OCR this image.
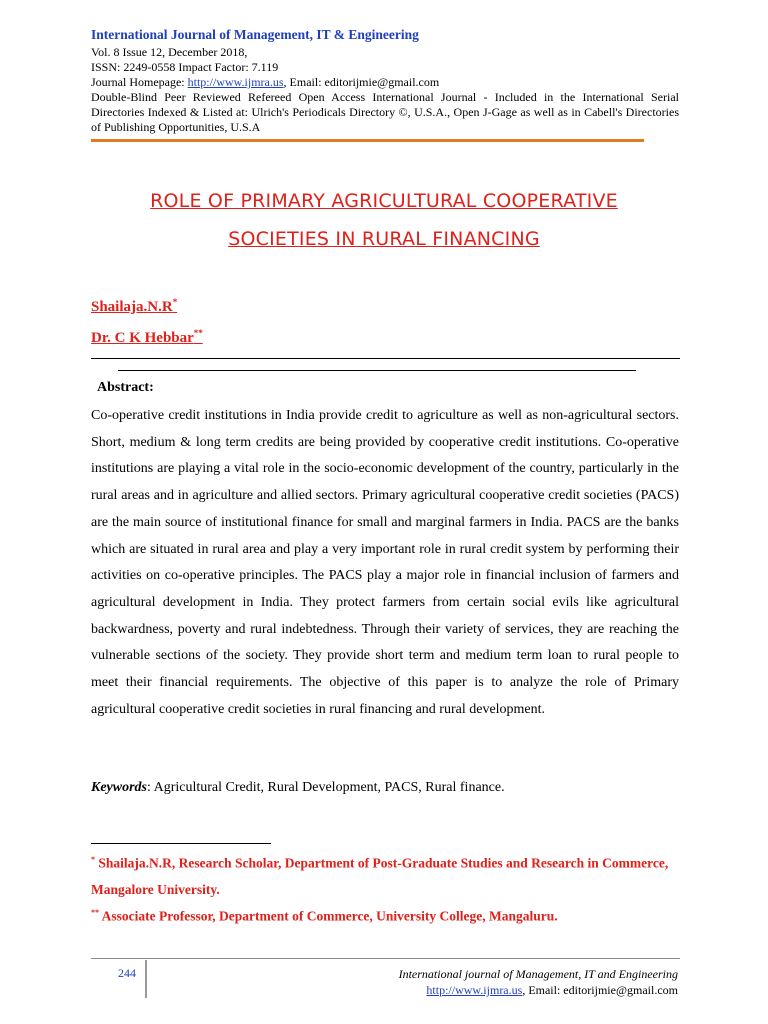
International Journal of Management, IT & Engineering
Vol. 8 Issue 12, December 2018,
ISSN: 2249-0558 Impact Factor: 7.119
Journal Homepage: http://www.ijmra.us, Email: editorijmie@gmail.com
Double-Blind Peer Reviewed Refereed Open Access International Journal - Included in the International Serial Directories Indexed & Listed at: Ulrich's Periodicals Directory ©, U.S.A., Open J-Gage as well as in Cabell's Directories of Publishing Opportunities, U.S.A
ROLE OF PRIMARY AGRICULTURAL COOPERATIVE
SOCIETIES IN RURAL FINANCING
Shailaja.N.R*
Dr. C K Hebbar**
Abstract:
Co-operative credit institutions in India provide credit to agriculture as well as non-agricultural sectors. Short, medium & long term credits are being provided by cooperative credit institutions. Co-operative institutions are playing a vital role in the socio-economic development of the country, particularly in the rural areas and in agriculture and allied sectors. Primary agricultural cooperative credit societies (PACS) are the main source of institutional finance for small and marginal farmers in India. PACS are the banks which are situated in rural area and play a very important role in rural credit system by performing their activities on co-operative principles. The PACS play a major role in financial inclusion of farmers and agricultural development in India. They protect farmers from certain social evils like agricultural backwardness, poverty and rural indebtedness. Through their variety of services, they are reaching the vulnerable sections of the society. They provide short term and medium term loan to rural people to meet their financial requirements. The objective of this paper is to analyze the role of Primary agricultural cooperative credit societies in rural financing and rural development.
Keywords: Agricultural Credit, Rural Development, PACS, Rural finance.
* Shailaja.N.R, Research Scholar, Department of Post-Graduate Studies and Research in Commerce, Mangalore University.
** Associate Professor, Department of Commerce, University College, Mangaluru.
244	International journal of Management, IT and Engineering
http://www.ijmra.us, Email: editorijmie@gmail.com
